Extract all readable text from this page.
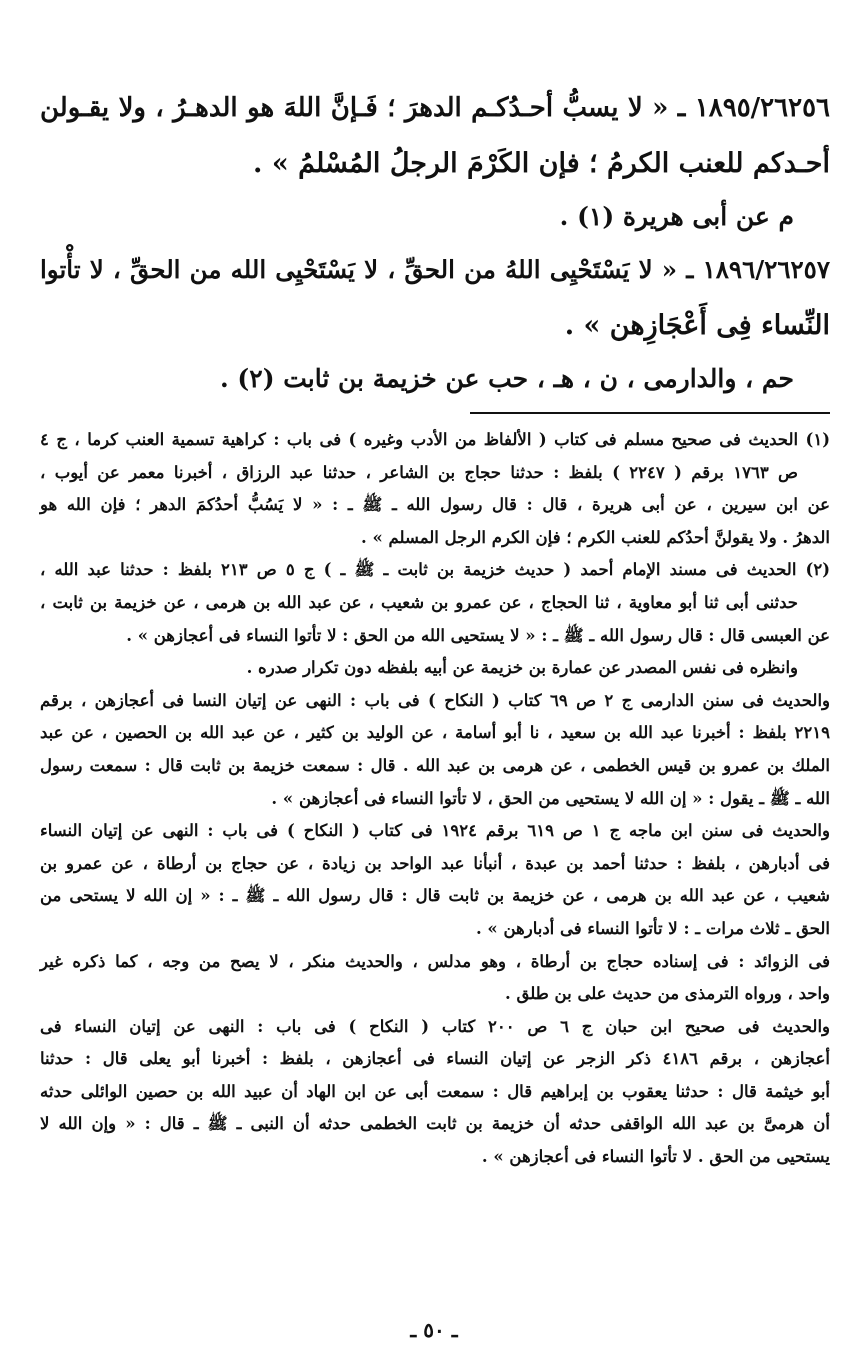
١٨٩٥/٢٦٢٥٦ ـ « لا يسبُّ أحـدُكـم الدهرَ ؛ فَـإنَّ اللهَ هو الدهـرُ ، ولا يقـولن

أحـدكم للعنب الكرمُ ؛ فإن الكَرْمَ الرجلُ المُسْلمُ » .

م عن أبى هريرة (١) .

١٨٩٦/٢٦٢٥٧ ـ « لا يَسْتَحْيِى اللهُ من الحقِّ ، لا يَسْتَحْيِى الله من الحقِّ ، لا تأْتوا

النِّساء فِى أَعْجَازِهن » .

حم ، والدارمى ، ن ، هـ ، حب عن خزيمة بن ثابت (٢) .

(١) الحديث فى صحيح مسلم فى كتاب ( الألفاظ من الأدب وغيره ) فى باب : كراهية تسمية العنب كرما ، ج ٤

ص ١٧٦٣ برقم ( ٢٢٤٧ ) بلفظ : حدثنا حجاج بن الشاعر ، حدثنا عبد الرزاق ، أخبرنا معمر عن أيوب ،

عن ابن سيرين ، عن أبى هريرة ، قال : قال رسول الله ـ ﷺ ـ : « لا يَسُبُّ أحدُكمَ الدهر ؛ فإن الله هو

الدهرُ . ولا يقولنَّ أحدُكم للعنب الكرم ؛ فإن الكرم الرجل المسلم » .

(٢) الحديث فى مسند الإمام أحمد ( حديث خزيمة بن ثابت ـ ﷺ ـ ) ج ٥ ص ٢١٣ بلفظ : حدثنا عبد الله ،

حدثنى أبى ثنا أبو معاوية ، ثنا الحجاج ، عن عمرو بن شعيب ، عن عبد الله بن هرمى ، عن خزيمة بن ثابت ،

عن العبسى قال : قال رسول الله ـ ﷺ ـ : « لا يستحيى الله من الحق : لا تأتوا النساء فى أعجازهن » .

وانظره فى نفس المصدر عن عمارة بن خزيمة عن أبيه بلفظه دون تكرار صدره .

والحديث فى سنن الدارمى ج ٢ ص ٦٩ كتاب ( النكاح ) فى باب : النهى عن إتيان النسا فى أعجازهن ، برقم

٢٢١٩ بلفظ : أخبرنا عبد الله بن سعيد ، نا أبو أسامة ، عن الوليد بن كثير ، عن عبد الله بن الحصين ، عن عبد

الملك بن عمرو بن قيس الخطمى ، عن هرمى بن عبد الله . قال : سمعت خزيمة بن ثابت قال : سمعت رسول

الله ـ ﷺ ـ يقول : « إن الله لا يستحيى من الحق ، لا تأتوا النساء فى أعجازهن » .

والحديث فى سنن ابن ماجه ج ١ ص ٦١٩ برقم ١٩٢٤ فى كتاب ( النكاح ) فى باب : النهى عن إتيان النساء

فى أدبارهن ، بلفظ : حدثنا أحمد بن عبدة ، أنبأنا عبد الواحد بن زيادة ، عن حجاج بن أرطاة ، عن عمرو بن

شعيب ، عن عبد الله بن هرمى ، عن خزيمة بن ثابت قال : قال رسول الله ـ ﷺ ـ : « إن الله لا يستحى من

الحق ـ ثلاث مرات ـ : لا تأتوا النساء فى أدبارهن » .

فى الزوائد : فى إسناده حجاج بن أرطاة ، وهو مدلس ، والحديث منكر ، لا يصح من وجه ، كما ذكره غير

واحد ، ورواه الترمذى من حديث على بن طلق .

والحديث فى صحيح ابن حبان ج ٦ ص ٢٠٠ كتاب ( النكاح ) فى باب : النهى عن إتيان النساء فى

أعجازهن ، برقم ٤١٨٦ ذكر الزجر عن إتيان النساء فى أعجازهن ، بلفظ : أخبرنا أبو يعلى قال : حدثنا

أبو خيثمة قال : حدثنا يعقوب بن إبراهيم قال : سمعت أبى عن ابن الهاد أن عبيد الله بن حصين الوائلى حدثه

أن هرمىَّ بن عبد الله الواقفى حدثه أن خزيمة بن ثابت الخطمى حدثه أن النبى ـ ﷺ ـ قال : « وإن الله لا

يستحيى من الحق . لا تأتوا النساء فى أعجازهن » .

ـ ٥٠ ـ
